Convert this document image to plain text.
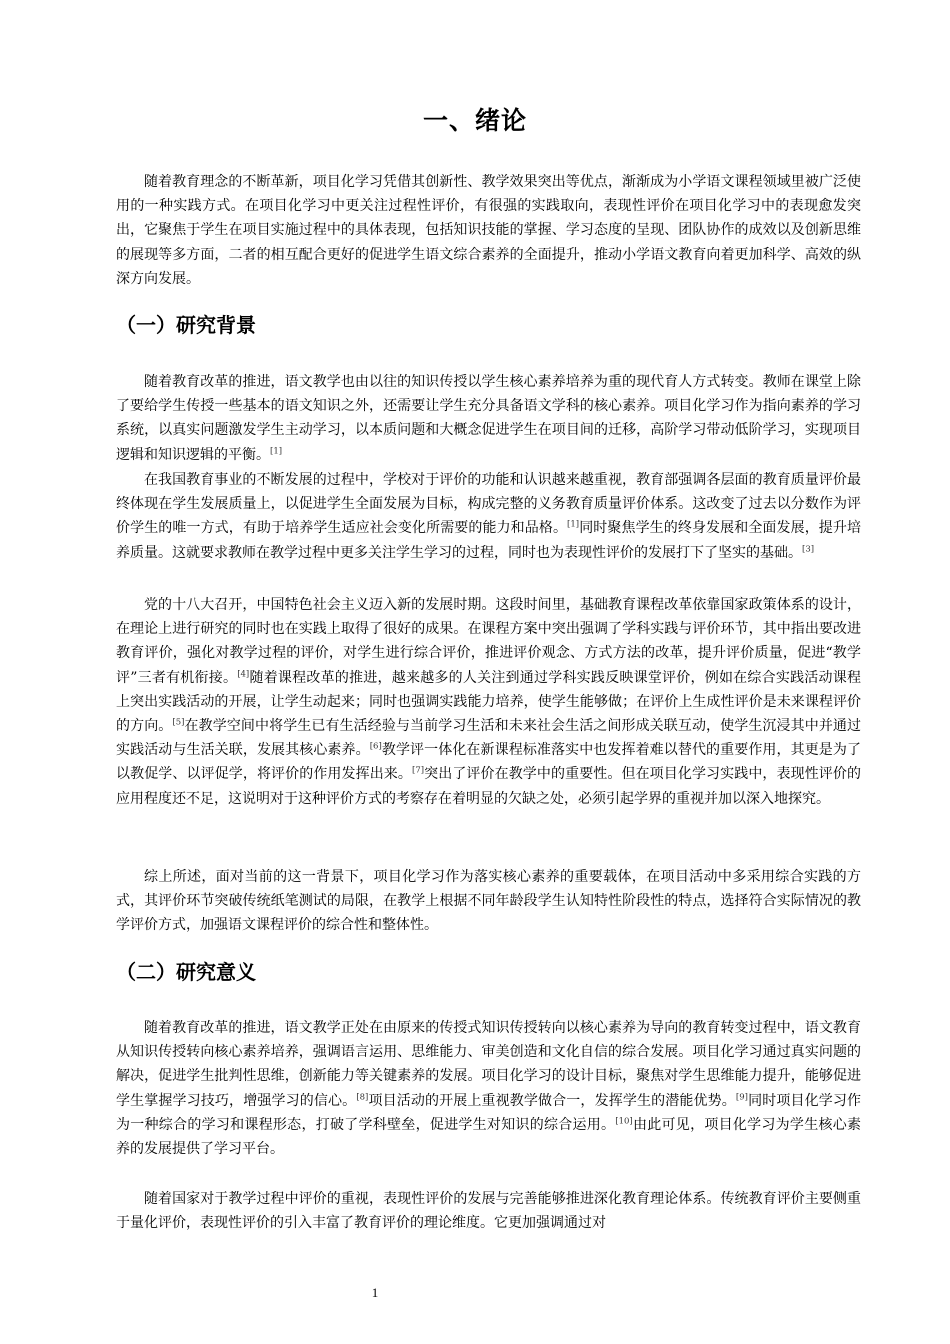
一、绪论

随着教育理念的不断革新，项目化学习凭借其创新性、教学效果突出等优点，渐渐成为小学语文课程领域里被广泛使用的一种实践方式。在项目化学习中更关注过程性评价，有很强的实践取向，表现性评价在项目化学习中的表现愈发突出，它聚焦于学生在项目实施过程中的具体表现，包括知识技能的掌握、学习态度的呈现、团队协作的成效以及创新思维的展现等多方面，二者的相互配合更好的促进学生语文综合素养的全面提升，推动小学语文教育向着更加科学、高效的纵深方向发展。

（一）研究背景

随着教育改革的推进，语文教学也由以往的知识传授以学生核心素养培养为重的现代育人方式转变。教师在课堂上除了要给学生传授一些基本的语文知识之外，还需要让学生充分具备语文学科的核心素养。项目化学习作为指向素养的学习系统，以真实问题激发学生主动学习，以本质问题和大概念促进学生在项目间的迁移，高阶学习带动低阶学习，实现项目逻辑和知识逻辑的平衡。[1]

在我国教育事业的不断发展的过程中，学校对于评价的功能和认识越来越重视，教育部强调各层面的教育质量评价最终体现在学生发展质量上，以促进学生全面发展为目标，构成完整的义务教育质量评价体系。这改变了过去以分数作为评价学生的唯一方式，有助于培养学生适应社会变化所需要的能力和品格。[1]同时聚焦学生的终身发展和全面发展，提升培养质量。这就要求教师在教学过程中更多关注学生学习的过程，同时也为表现性评价的发展打下了坚实的基础。[3]

党的十八大召开，中国特色社会主义迈入新的发展时期。这段时间里，基础教育课程改革依靠国家政策体系的设计，在理论上进行研究的同时也在实践上取得了很好的成果。在课程方案中突出强调了学科实践与评价环节，其中指出要改进教育评价，强化对教学过程的评价，对学生进行综合评价，推进评价观念、方式方法的改革，提升评价质量，促进“教学评”三者有机衔接。[4]随着课程改革的推进，越来越多的人关注到通过学科实践反映课堂评价，例如在综合实践活动课程上突出实践活动的开展，让学生动起来；同时也强调实践能力培养，使学生能够做；在评价上生成性评价是未来课程评价的方向。[5]在教学空间中将学生已有生活经验与当前学习生活和未来社会生活之间形成关联互动，使学生沉浸其中并通过实践活动与生活关联，发展其核心素养。[6]教学评一体化在新课程标准落实中也发挥着难以替代的重要作用，其更是为了以教促学、以评促学，将评价的作用发挥出来。[7]突出了评价在教学中的重要性。但在项目化学习实践中，表现性评价的应用程度还不足，这说明对于这种评价方式的考察存在着明显的欠缺之处，必须引起学界的重视并加以深入地探究。

综上所述，面对当前的这一背景下，项目化学习作为落实核心素养的重要载体，在项目活动中多采用综合实践的方式，其评价环节突破传统纸笔测试的局限，在教学上根据不同年龄段学生认知特性阶段性的特点，选择符合实际情况的教学评价方式，加强语文课程评价的综合性和整体性。

（二）研究意义

随着教育改革的推进，语文教学正处在由原来的传授式知识传授转向以核心素养为导向的教育转变过程中，语文教育从知识传授转向核心素养培养，强调语言运用、思维能力、审美创造和文化自信的综合发展。项目化学习通过真实问题的解决，促进学生批判性思维，创新能力等关键素养的发展。项目化学习的设计目标，聚焦对学生思维能力提升，能够促进学生掌握学习技巧，增强学习的信心。[8]项目活动的开展上重视教学做合一，发挥学生的潜能优势。[9]同时项目化学习作为一种综合的学习和课程形态，打破了学科壁垒，促进学生对知识的综合运用。[10]由此可见，项目化学习为学生核心素养的发展提供了学习平台。

随着国家对于教学过程中评价的重视，表现性评价的发展与完善能够推进深化教育理论体系。传统教育评价主要侧重于量化评价，表现性评价的引入丰富了教育评价的理论维度。它更加强调通过对

1
